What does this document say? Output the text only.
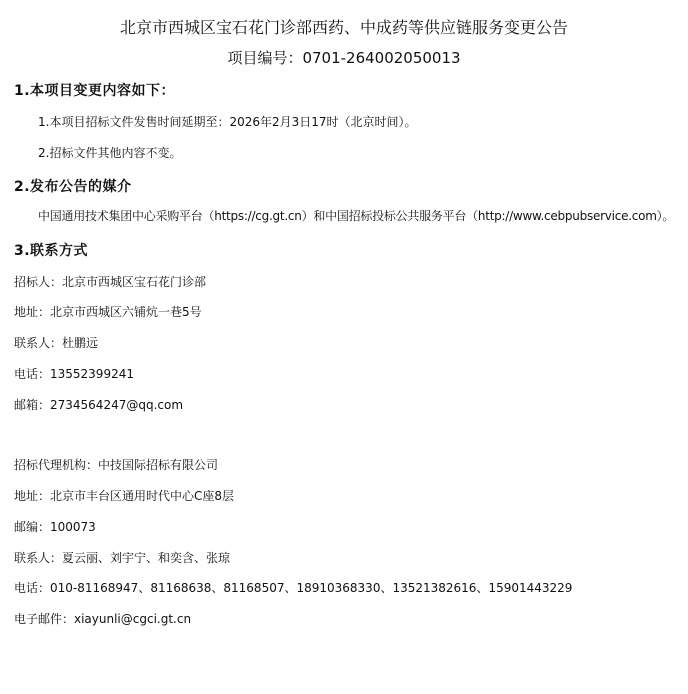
北京市西城区宝石花门诊部西药、中成药等供应链服务变更公告
项目编号：0701-264002050013
1.本项目变更内容如下：
1.本项目招标文件发售时间延期至：2026年2月3日17时（北京时间）。
2.招标文件其他内容不变。
2.发布公告的媒介
中国通用技术集团中心采购平台（https://cg.gt.cn）和中国招标投标公共服务平台（http://www.cebpubservice.com）。
3.联系方式
招标人：北京市西城区宝石花门诊部
地址：北京市西城区六铺炕一巷5号
联系人：杜鹏远
电话：13552399241
邮箱：2734564247@qq.com
招标代理机构：中技国际招标有限公司
地址：北京市丰台区通用时代中心C座8层
邮编：100073
联系人：夏云丽、刘宇宁、和奕含、张琼
电话：010-81168947、81168638、81168507、18910368330、13521382616、15901443229
电子邮件：xiayunli@cgci.gt.cn
